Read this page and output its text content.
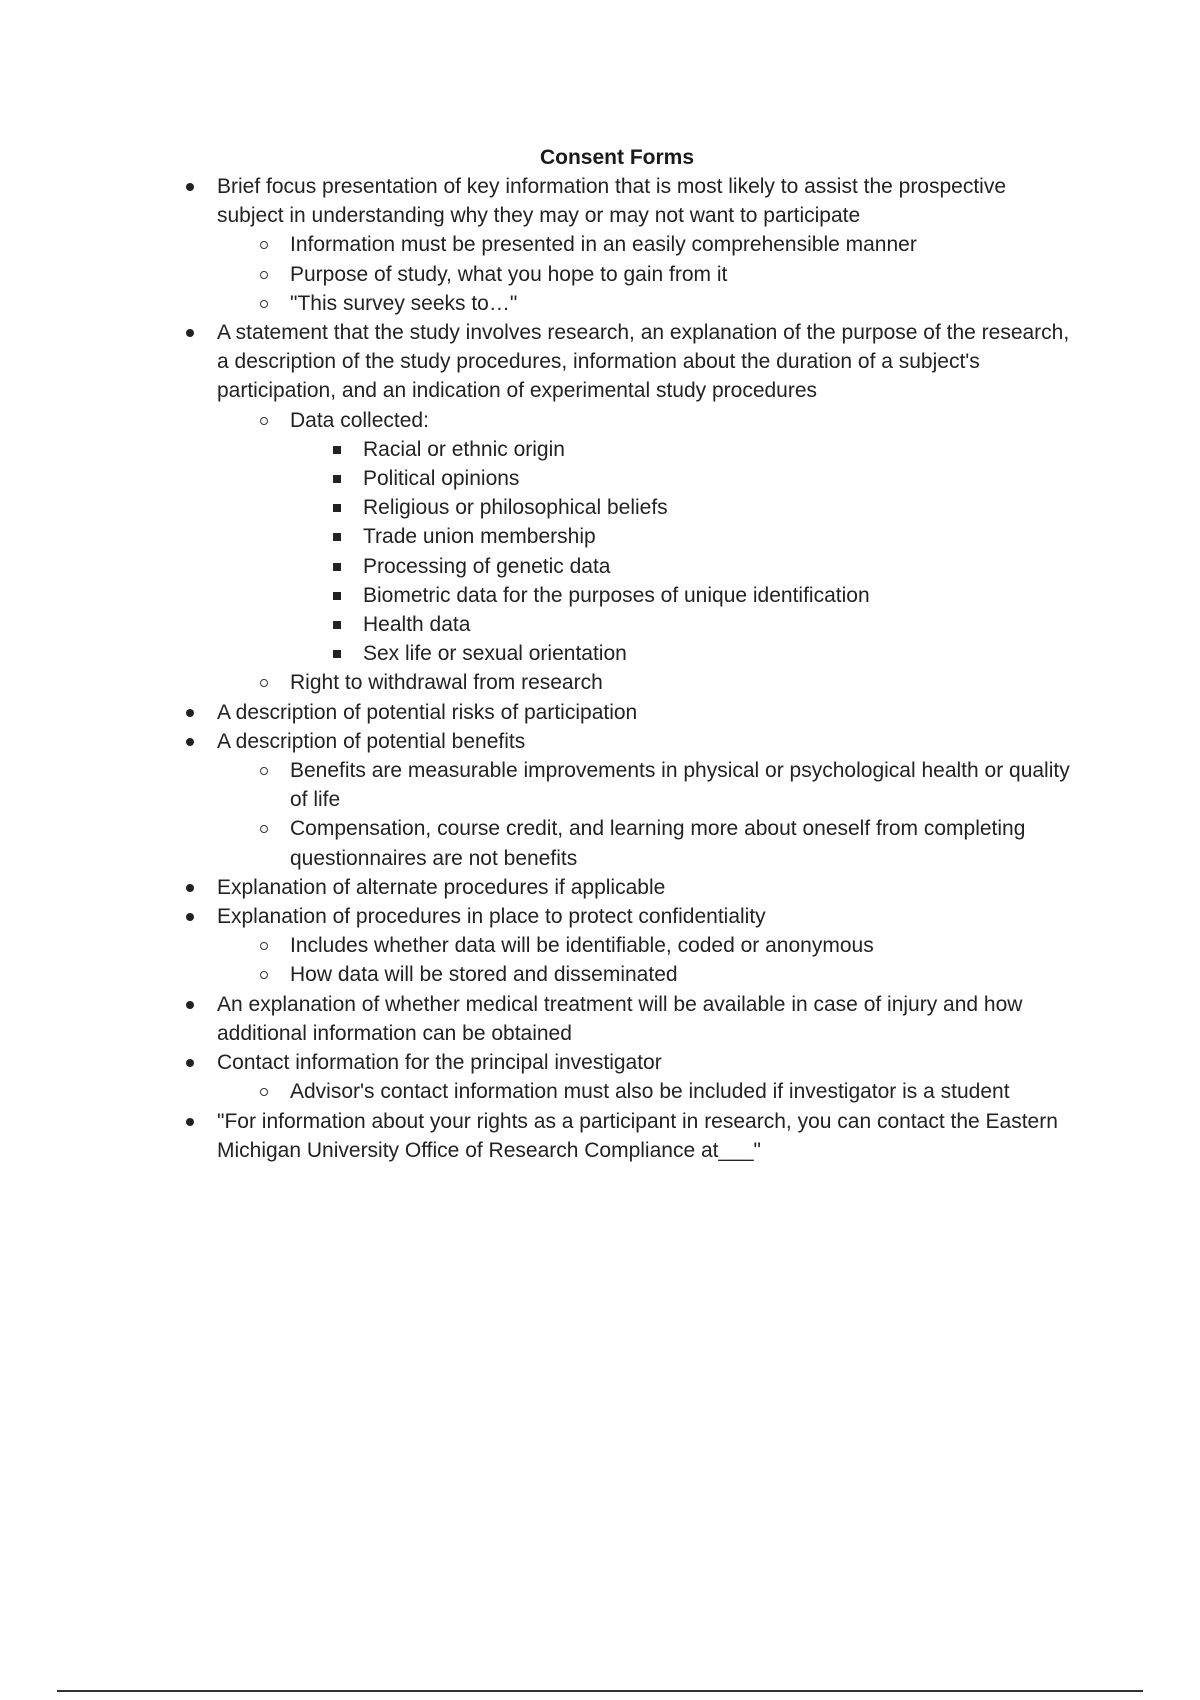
Consent Forms
Brief focus presentation of key information that is most likely to assist the prospective subject in understanding why they may or may not want to participate
Information must be presented in an easily comprehensible manner
Purpose of study, what you hope to gain from it
"This survey seeks to…"
A statement that the study involves research, an explanation of the purpose of the research, a description of the study procedures, information about the duration of a subject's participation, and an indication of experimental study procedures
Data collected:
Racial or ethnic origin
Political opinions
Religious or philosophical beliefs
Trade union membership
Processing of genetic data
Biometric data for the purposes of unique identification
Health data
Sex life or sexual orientation
Right to withdrawal from research
A description of potential risks of participation
A description of potential benefits
Benefits are measurable improvements in physical or psychological health or quality of life
Compensation, course credit, and learning more about oneself from completing questionnaires are not benefits
Explanation of alternate procedures if applicable
Explanation of procedures in place to protect confidentiality
Includes whether data will be identifiable, coded or anonymous
How data will be stored and disseminated
An explanation of whether medical treatment will be available in case of injury and how additional information can be obtained
Contact information for the principal investigator
Advisor's contact information must also be included if investigator is a student
"For information about your rights as a participant in research, you can contact the Eastern Michigan University Office of Research Compliance at___"
